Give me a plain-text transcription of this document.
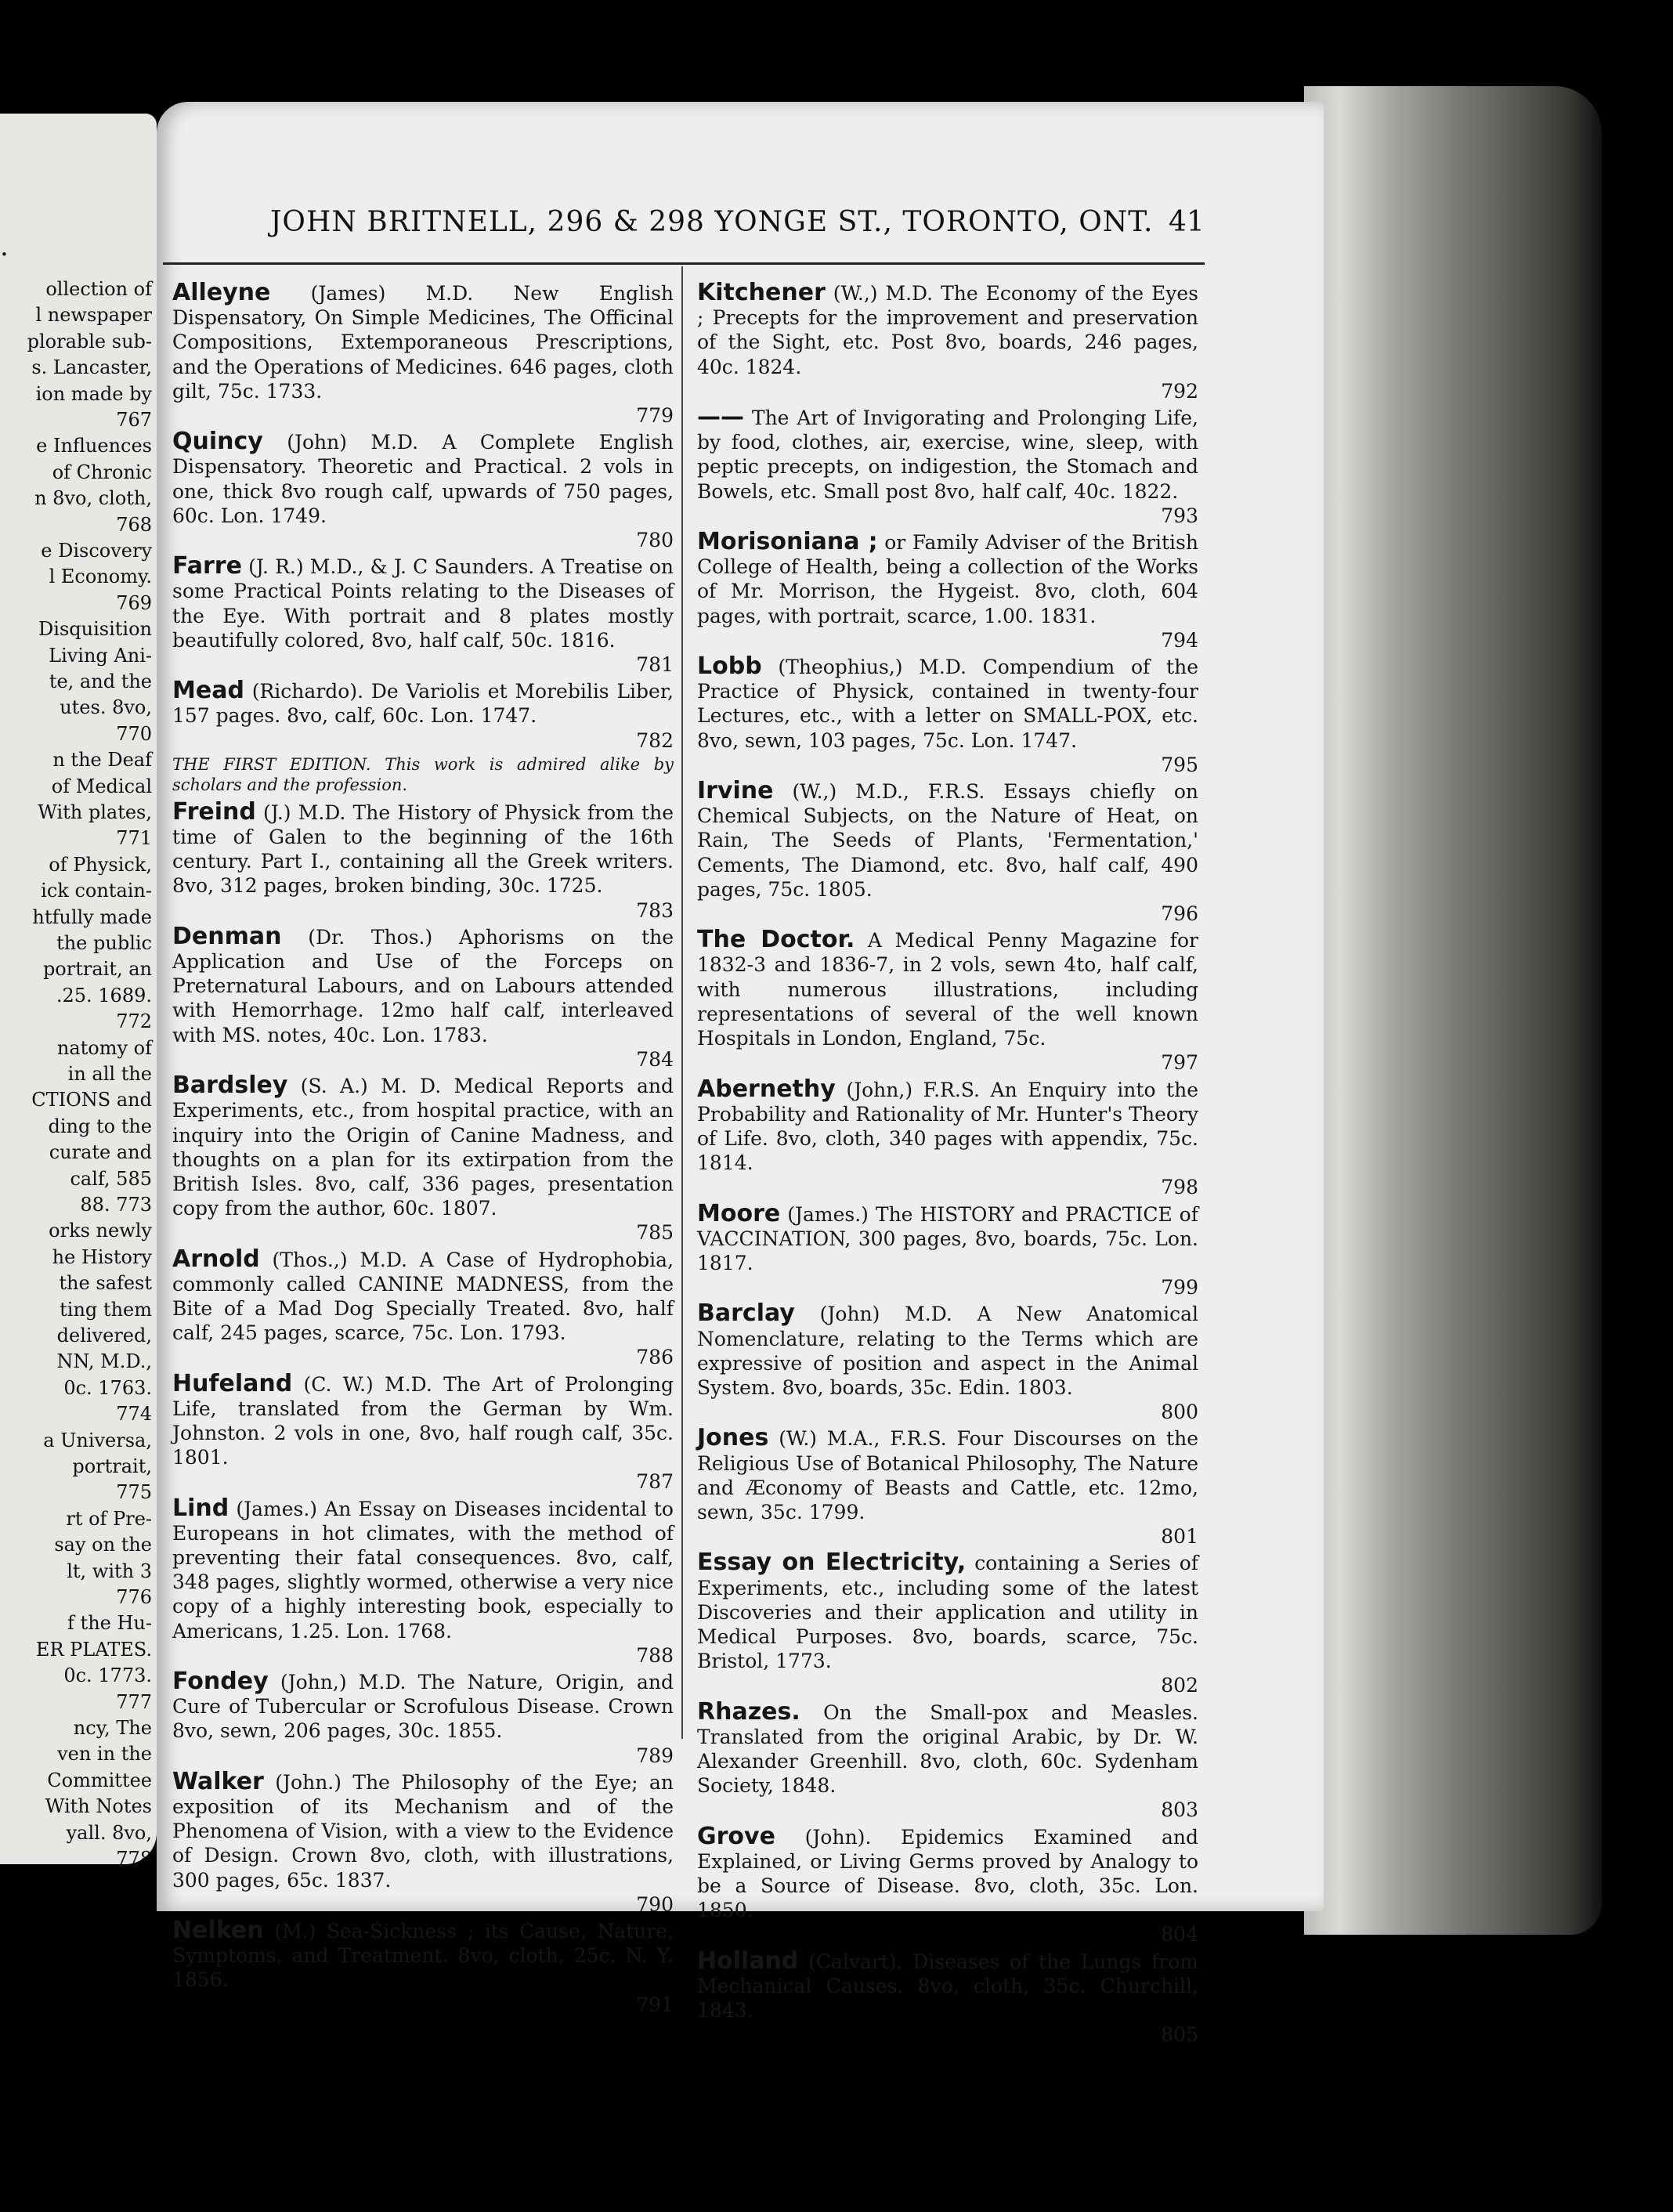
.
ollection of
l newspaper
plorable sub-
s. Lancaster,
ion made by
767
e Influences
of Chronic
n 8vo, cloth,
768
e Discovery
l Economy.
769
Disquisition
Living Ani-
te, and the
utes. 8vo,
770
n the Deaf
of Medical
With plates,
771
of Physick,
ick contain-
htfully made
the public
portrait, an
.25. 1689.
772
natomy of
in all the
CTIONS and
ding to the
curate and
calf, 585
88. 773
orks newly
he History
the safest
ting them
delivered,
NN, M.D.,
0c. 1763.
774
a Universa,
portrait,
775
rt of Pre-
say on the
lt, with 3
776
f the Hu-
ER PLATES.
0c. 1773.
777
ncy, The
ven in the
Committee
With Notes
yall. 8vo,
778
JOHN BRITNELL, 296 & 298 YONGE ST., TORONTO, ONT. 41
Alleyne (James) M.D. New English Dispensatory, On Simple Medicines, The Officinal Compositions, Extemporaneous Prescriptions, and the Operations of Medicines. 646 pages, cloth gilt, 75c. 1733.
779
Quincy (John) M.D. A Complete English Dispensatory. Theoretic and Practical. 2 vols in one, thick 8vo rough calf, upwards of 750 pages, 60c. Lon. 1749.
780
Farre (J. R.) M.D., & J. C Saunders. A Treatise on some Practical Points relating to the Diseases of the Eye. With portrait and 8 plates mostly beautifully colored, 8vo, half calf, 50c. 1816.
781
Mead (Richardo). De Variolis et Morebilis Liber, 157 pages. 8vo, calf, 60c. Lon. 1747.
782
THE FIRST EDITION. This work is admired alike by scholars and the profession.
Freind (J.) M.D. The History of Physick from the time of Galen to the beginning of the 16th century. Part I., containing all the Greek writers. 8vo, 312 pages, broken binding, 30c. 1725.
783
Denman (Dr. Thos.) Aphorisms on the Application and Use of the Forceps on Preternatural Labours, and on Labours attended with Hemorrhage. 12mo half calf, interleaved with MS. notes, 40c. Lon. 1783.
784
Bardsley (S. A.) M. D. Medical Reports and Experiments, etc., from hospital practice, with an inquiry into the Origin of Canine Madness, and thoughts on a plan for its extirpation from the British Isles. 8vo, calf, 336 pages, presentation copy from the author, 60c. 1807.
785
Arnold (Thos.,) M.D. A Case of Hydrophobia, commonly called CANINE MADNESS, from the Bite of a Mad Dog Specially Treated. 8vo, half calf, 245 pages, scarce, 75c. Lon. 1793.
786
Hufeland (C. W.) M.D. The Art of Prolonging Life, translated from the German by Wm. Johnston. 2 vols in one, 8vo, half rough calf, 35c. 1801.
787
Lind (James.) An Essay on Diseases incidental to Europeans in hot climates, with the method of preventing their fatal consequences. 8vo, calf, 348 pages, slightly wormed, otherwise a very nice copy of a highly interesting book, especially to Americans, 1.25. Lon. 1768.
788
Fondey (John,) M.D. The Nature, Origin, and Cure of Tubercular or Scrofulous Disease. Crown 8vo, sewn, 206 pages, 30c. 1855.
789
Walker (John.) The Philosophy of the Eye; an exposition of its Mechanism and of the Phenomena of Vision, with a view to the Evidence of Design. Crown 8vo, cloth, with illustrations, 300 pages, 65c. 1837.
790
Nelken (M.) Sea-Sickness ; its Cause, Nature, Symptoms, and Treatment. 8vo, cloth, 25c. N. Y. 1856.
791
Kitchener (W.,) M.D. The Economy of the Eyes ; Precepts for the improvement and preservation of the Sight, etc. Post 8vo, boards, 246 pages, 40c. 1824.
792
—— The Art of Invigorating and Prolonging Life, by food, clothes, air, exercise, wine, sleep, with peptic precepts, on indigestion, the Stomach and Bowels, etc. Small post 8vo, half calf, 40c. 1822.
793
Morisoniana ; or Family Adviser of the British College of Health, being a collection of the Works of Mr. Morrison, the Hygeist. 8vo, cloth, 604 pages, with portrait, scarce, 1.00. 1831.
794
Lobb (Theophius,) M.D. Compendium of the Practice of Physick, contained in twenty-four Lectures, etc., with a letter on SMALL-POX, etc. 8vo, sewn, 103 pages, 75c. Lon. 1747.
795
Irvine (W.,) M.D., F.R.S. Essays chiefly on Chemical Subjects, on the Nature of Heat, on Rain, The Seeds of Plants, 'Fermentation,' Cements, The Diamond, etc. 8vo, half calf, 490 pages, 75c. 1805.
796
The Doctor. A Medical Penny Magazine for 1832-3 and 1836-7, in 2 vols, sewn 4to, half calf, with numerous illustrations, including representations of several of the well known Hospitals in London, England, 75c.
797
Abernethy (John,) F.R.S. An Enquiry into the Probability and Rationality of Mr. Hunter's Theory of Life. 8vo, cloth, 340 pages with appendix, 75c. 1814.
798
Moore (James.) The HISTORY and PRACTICE of VACCINATION, 300 pages, 8vo, boards, 75c. Lon. 1817.
799
Barclay (John) M.D. A New Anatomical Nomenclature, relating to the Terms which are expressive of position and aspect in the Animal System. 8vo, boards, 35c. Edin. 1803.
800
Jones (W.) M.A., F.R.S. Four Discourses on the Religious Use of Botanical Philosophy, The Nature and Æconomy of Beasts and Cattle, etc. 12mo, sewn, 35c. 1799.
801
Essay on Electricity, containing a Series of Experiments, etc., including some of the latest Discoveries and their application and utility in Medical Purposes. 8vo, boards, scarce, 75c. Bristol, 1773.
802
Rhazes. On the Small-pox and Measles. Translated from the original Arabic, by Dr. W. Alexander Greenhill. 8vo, cloth, 60c. Sydenham Society, 1848.
803
Grove (John). Epidemics Examined and Explained, or Living Germs proved by Analogy to be a Source of Disease. 8vo, cloth, 35c. Lon. 1850.
804
Holland (Calvart). Diseases of the Lungs from Mechanical Causes. 8vo, cloth, 35c. Churchill, 1843.
805
